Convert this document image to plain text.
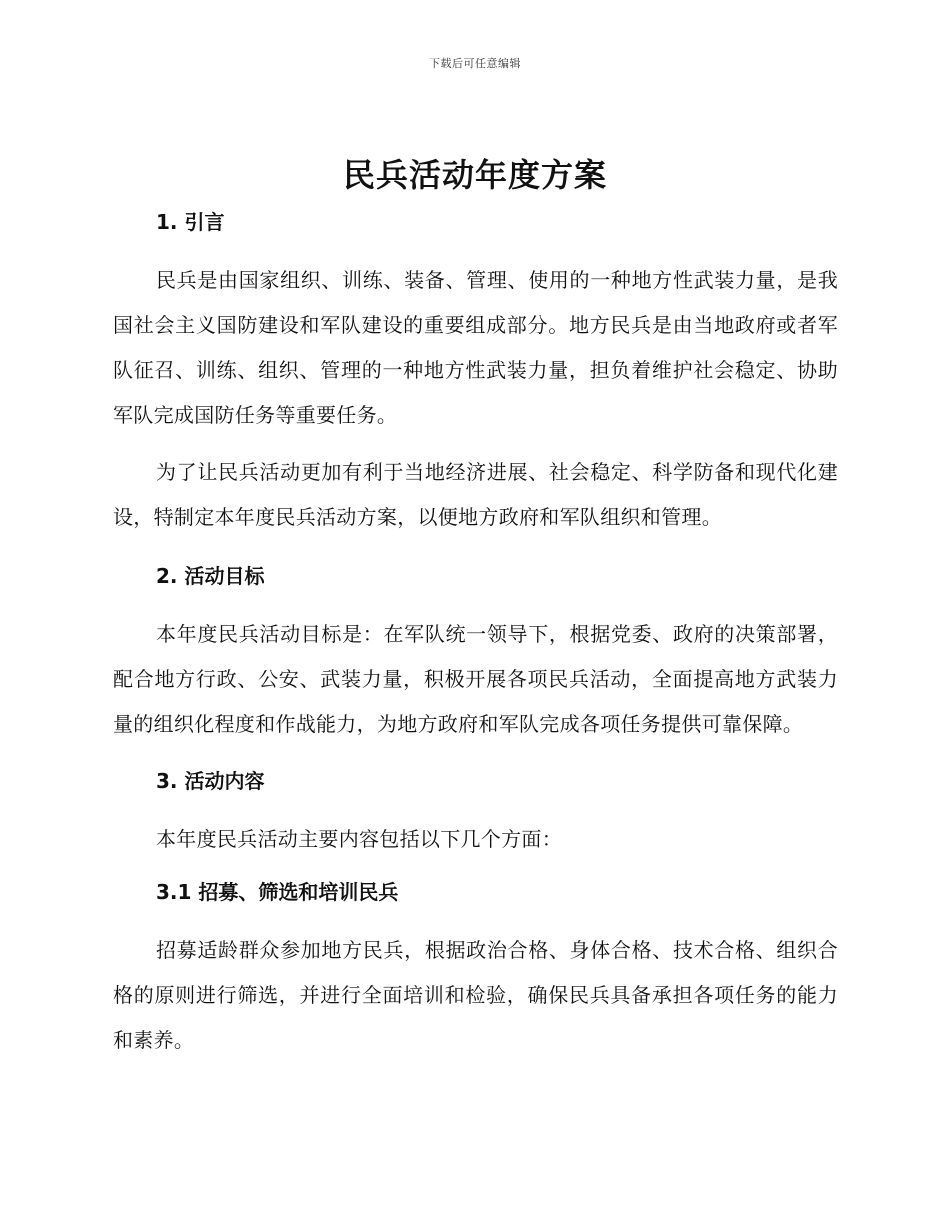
下载后可任意编辑
民兵活动年度方案
1. 引言

民兵是由国家组织、训练、装备、管理、使用的一种地方性武装力量，是我国社会主义国防建设和军队建设的重要组成部分。地方民兵是由当地政府或者军队征召、训练、组织、管理的一种地方性武装力量，担负着维护社会稳定、协助军队完成国防任务等重要任务。

为了让民兵活动更加有利于当地经济进展、社会稳定、科学防备和现代化建设，特制定本年度民兵活动方案，以便地方政府和军队组织和管理。

2. 活动目标

本年度民兵活动目标是：在军队统一领导下，根据党委、政府的决策部署，配合地方行政、公安、武装力量，积极开展各项民兵活动，全面提高地方武装力量的组织化程度和作战能力，为地方政府和军队完成各项任务提供可靠保障。

3. 活动内容

本年度民兵活动主要内容包括以下几个方面：

3.1 招募、筛选和培训民兵

招募适龄群众参加地方民兵，根据政治合格、身体合格、技术合格、组织合格的原则进行筛选，并进行全面培训和检验，确保民兵具备承担各项任务的能力和素养。
